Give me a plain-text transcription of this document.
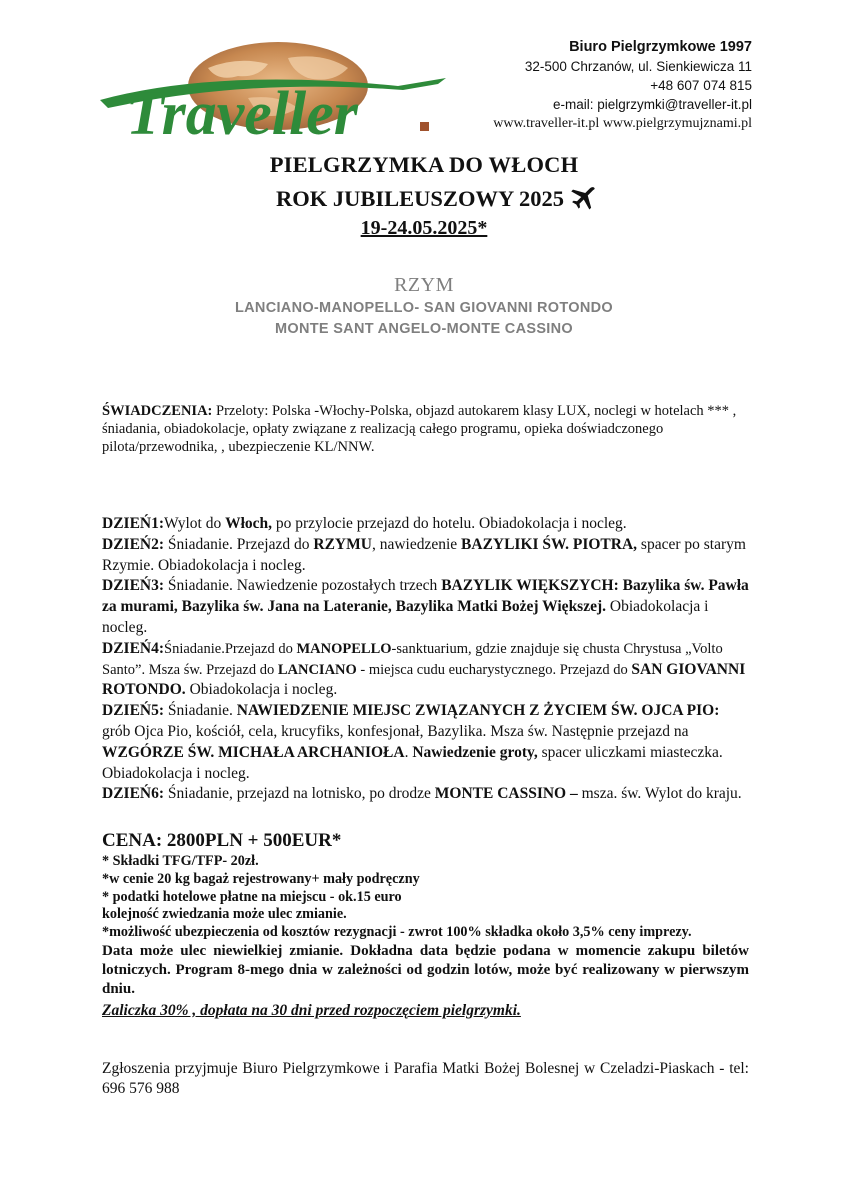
Traveller
Biuro Pielgrzymkowe 1997
32-500 Chrzanów, ul. Sienkiewicza 11
+48 607 074 815
e-mail: pielgrzymki@traveller-it.pl
www.traveller-it.pl www.pielgrzymujznami.pl

PIELGRZYMKA DO WŁOCH

ROK JUBILEUSZOWY 2025

19-24.05.2025*

RZYM
LANCIANO-MANOPELLO- SAN GIOVANNI ROTONDO
MONTE SANT ANGELO-MONTE CASSINO
ŚWIADCZENIA: Przeloty: Polska -Włochy-Polska, objazd autokarem klasy LUX, noclegi w hotelach *** , śniadania, obiadokolacje, opłaty związane z realizacją całego programu, opieka doświadczonego pilota/przewodnika, , ubezpieczenie KL/NNW.

DZIEŃ1:Wylot do Włoch, po przylocie przejazd do hotelu. Obiadokolacja i nocleg.

DZIEŃ2: Śniadanie. Przejazd do RZYMU, nawiedzenie BAZYLIKI ŚW. PIOTRA, spacer po starym Rzymie. Obiadokolacja i nocleg.

DZIEŃ3: Śniadanie. Nawiedzenie pozostałych trzech BAZYLIK WIĘKSZYCH: Bazylika św. Pawła za murami, Bazylika św. Jana na Lateranie, Bazylika Matki Bożej Większej. Obiadokolacja i nocleg.

DZIEŃ4:Śniadanie.Przejazd do MANOPELLO-sanktuarium, gdzie znajduje się chusta Chrystusa „Volto Santo”. Msza św. Przejazd do LANCIANO - miejsca cudu eucharystycznego. Przejazd do SAN GIOVANNI ROTONDO. Obiadokolacja i nocleg.

DZIEŃ5: Śniadanie. NAWIEDZENIE MIEJSC ZWIĄZANYCH Z ŻYCIEM ŚW. OJCA PIO: grób Ojca Pio, kościół, cela, krucyfiks, konfesjonał, Bazylika. Msza św. Następnie przejazd na WZGÓRZE ŚW. MICHAŁA ARCHANIOŁA. Nawiedzenie groty, spacer uliczkami miasteczka. Obiadokolacja i nocleg.

DZIEŃ6: Śniadanie, przejazd na lotnisko, po drodze MONTE CASSINO – msza. św. Wylot do kraju.

CENA: 2800PLN + 500EUR*

* Składki TFG/TFP- 20zł.

*w cenie 20 kg bagaż rejestrowany+ mały podręczny

* podatki hotelowe płatne na miejscu - ok.15 euro

kolejność zwiedzania może ulec zmianie.

*możliwość ubezpieczenia od kosztów rezygnacji - zwrot 100% składka około 3,5% ceny imprezy.

Data może ulec niewielkiej zmianie. Dokładna data będzie podana w momencie zakupu biletów lotniczych. Program 8-mego dnia w zależności od godzin lotów, może być realizowany w pierwszym dniu.

Zaliczka 30% , dopłata na 30 dni przed rozpoczęciem pielgrzymki.

Zgłoszenia przyjmuje Biuro Pielgrzymkowe i Parafia Matki Bożej Bolesnej w Czeladzi-Piaskach - tel: 696 576 988
